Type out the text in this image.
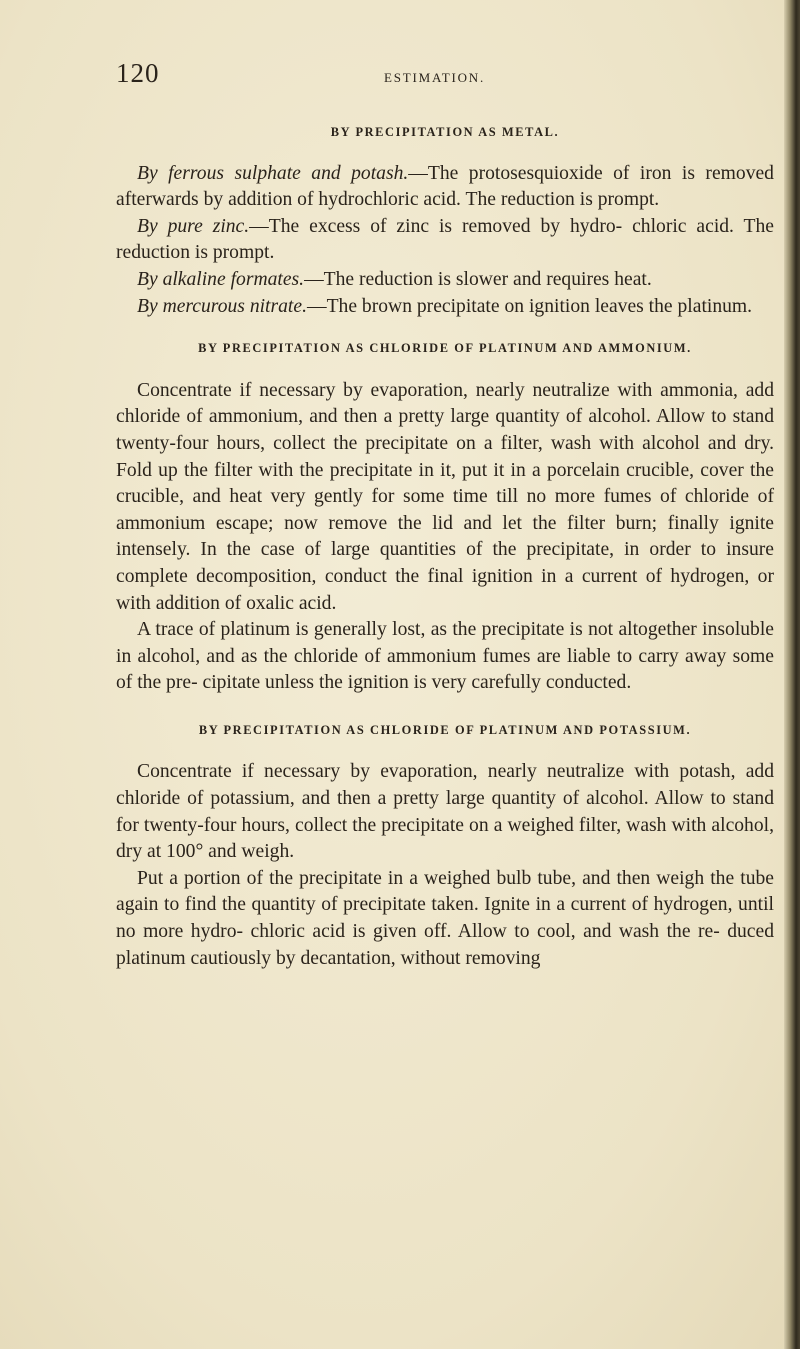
120	ESTIMATION.
BY PRECIPITATION AS METAL.

By ferrous sulphate and potash.—The protosesquioxide of iron is removed afterwards by addition of hydrochloric acid. The reduction is prompt.

By pure zinc.—The excess of zinc is removed by hydro- chloric acid. The reduction is prompt.

By alkaline formates.—The reduction is slower and requires heat.

By mercurous nitrate.—The brown precipitate on ignition leaves the platinum.

BY PRECIPITATION AS CHLORIDE OF PLATINUM AND AMMONIUM.

Concentrate if necessary by evaporation, nearly neutralize with ammonia, add chloride of ammonium, and then a pretty large quantity of alcohol. Allow to stand twenty-four hours, collect the precipitate on a filter, wash with alcohol and dry. Fold up the filter with the precipitate in it, put it in a porcelain crucible, cover the crucible, and heat very gently for some time till no more fumes of chloride of ammonium escape; now remove the lid and let the filter burn; finally ignite intensely. In the case of large quantities of the precipitate, in order to insure complete decomposition, conduct the final ignition in a current of hydrogen, or with addition of oxalic acid.

A trace of platinum is generally lost, as the precipitate is not altogether insoluble in alcohol, and as the chloride of ammonium fumes are liable to carry away some of the pre- cipitate unless the ignition is very carefully conducted.

BY PRECIPITATION AS CHLORIDE OF PLATINUM AND POTASSIUM.

Concentrate if necessary by evaporation, nearly neutralize with potash, add chloride of potassium, and then a pretty large quantity of alcohol. Allow to stand for twenty-four hours, collect the precipitate on a weighed filter, wash with alcohol, dry at 100° and weigh.

Put a portion of the precipitate in a weighed bulb tube, and then weigh the tube again to find the quantity of precipitate taken. Ignite in a current of hydrogen, until no more hydro- chloric acid is given off. Allow to cool, and wash the re- duced platinum cautiously by decantation, without removing
